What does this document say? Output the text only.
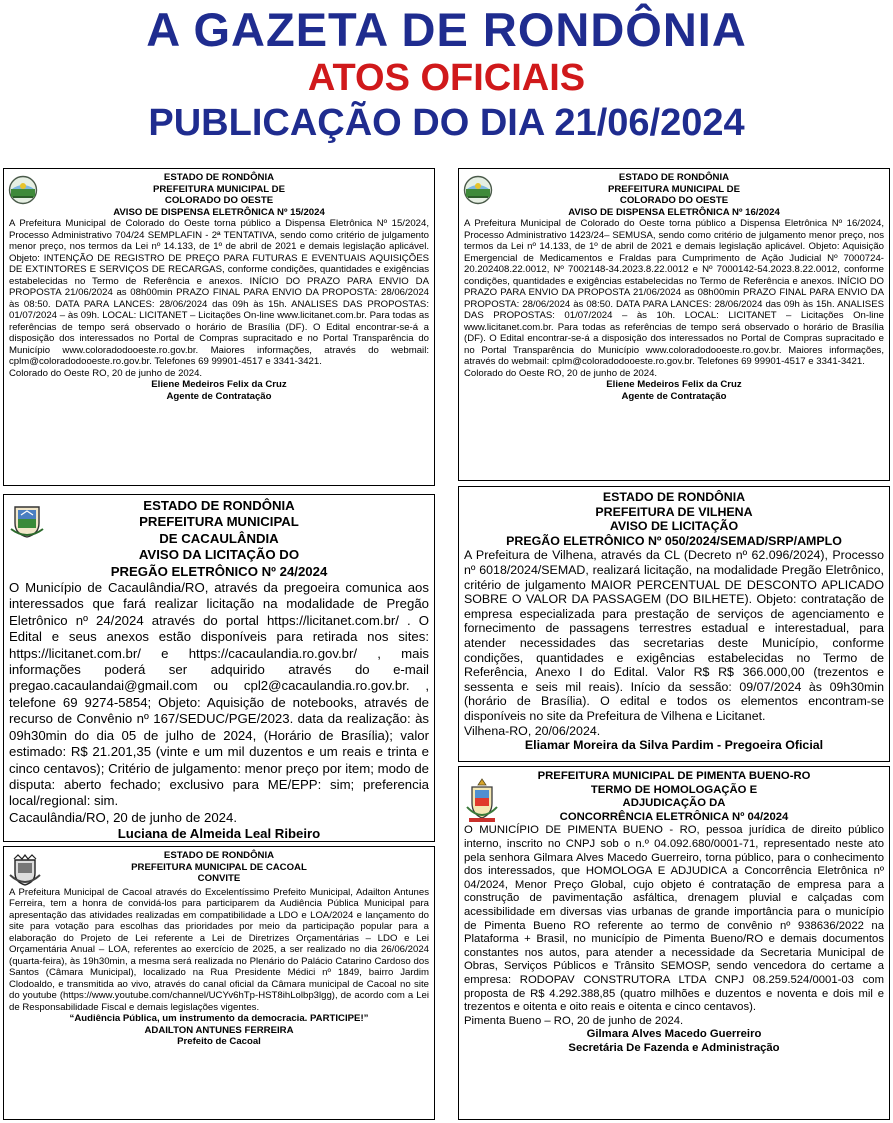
A GAZETA DE RONDÔNIA
ATOS OFICIAIS
PUBLICAÇÃO DO DIA 21/06/2024
ESTADO DE RONDÔNIA
PREFEITURA MUNICIPAL DE
COLORADO DO OESTE
AVISO DE DISPENSA ELETRÔNICA Nº 15/2024
A Prefeitura Municipal de Colorado do Oeste torna público a Dispensa Eletrônica Nº 15/2024, Processo Administrativo 704/24 SEMPLAFIN - 2ª TENTATIVA, sendo como critério de julgamento menor preço, nos termos da Lei nº 14.133, de 1º de abril de 2021 e demais legislação aplicável. Objeto: INTENÇÃO DE REGISTRO DE PREÇO PARA FUTURAS E EVENTUAIS AQUISIÇÕES DE EXTINTORES E SERVIÇOS DE RECARGAS, conforme condições, quantidades e exigências estabelecidas no Termo de Referência e anexos. INÍCIO DO PRAZO PARA ENVIO DA PROPOSTA 21/06/2024 as 08h00min PRAZO FINAL PARA ENVIO DA PROPOSTA: 28/06/2024 às 08:50. DATA PARA LANCES: 28/06/2024 das 09h às 15h. ANALISES DAS PROPOSTAS: 01/07/2024 – às 09h. LOCAL: LICITANET – Licitações On-line www.licitanet.com.br. Para todas as referências de tempo será observado o horário de Brasília (DF). O Edital encontrar-se-á a disposição dos interessados no Portal de Compras supracitado e no Portal Transparência do Município www.coloradodooeste.ro.gov.br. Maiores informações, através do webmail: cplm@coloradodooeste.ro.gov.br. Telefones 69 99901-4517 e 3341-3421.
Colorado do Oeste RO, 20 de junho de 2024.
Eliene Medeiros Felix da Cruz
Agente de Contratação
ESTADO DE RONDÔNIA
PREFEITURA MUNICIPAL
DE CACAULÂNDIA
AVISO DA LICITAÇÃO DO
PREGÃO ELETRÔNICO Nº 24/2024
O Município de Cacaulândia/RO, através da pregoeira comunica aos interessados que fará realizar licitação na modalidade de Pregão Eletrônico nº 24/2024 através do portal https://licitanet.com.br/ . O Edital e seus anexos estão disponíveis para retirada nos sites: https://licitanet.com.br/ e https://cacaulandia.ro.gov.br/ , mais informações poderá ser adquirido através do e-mail pregao.cacaulandai@gmail.com ou cpl2@cacaulandia.ro.gov.br. , telefone 69 9274-5854; Objeto: Aquisição de notebooks, através de recurso de Convênio nº 167/SEDUC/PGE/2023. data da realização: às 09h30min do dia 05 de julho de 2024, (Horário de Brasília); valor estimado: R$ 21.201,35 (vinte e um mil duzentos e um reais e trinta e cinco centavos); Critério de julgamento: menor preço por item; modo de disputa: aberto fechado; exclusivo para ME/EPP: sim; preferencia local/regional: sim.
Cacaulândia/RO, 20 de junho de 2024.
Luciana de Almeida Leal Ribeiro
ESTADO DE RONDÔNIA
PREFEITURA MUNICIPAL DE CACOAL
CONVITE
A Prefeitura Municipal de Cacoal através do Excelentíssimo Prefeito Municipal, Adailton Antunes Ferreira, tem a honra de convidá-los para participarem da Audiência Pública Municipal para apresentação das atividades realizadas em compatibilidade a LDO e LOA/2024 e lançamento do site para votação para escolhas das prioridades por meio da participação popular para a elaboração do Projeto de Lei referente a Lei de Diretrizes Orçamentárias – LDO e Lei Orçamentária Anual – LOA, referentes ao exercício de 2025, a ser realizado no dia 26/06/2024 (quarta-feira), às 19h30min, a mesma será realizada no Plenário do Palácio Catarino Cardoso dos Santos (Câmara Municipal), localizado na Rua Presidente Médici nº 1849, bairro Jardim Clodoaldo, e transmitida ao vivo, através do canal oficial da Câmara municipal de Cacoal no site do youtube (https://www.youtube.com/channel/UCYv6hTp-HST8ihLolbp3lgg), de acordo com a Lei de Responsabilidade Fiscal e demais legislações vigentes.
“Audiência Pública, um instrumento da democracia. PARTICIPE!”
ADAILTON ANTUNES FERREIRA
Prefeito de Cacoal
ESTADO DE RONDÔNIA
PREFEITURA MUNICIPAL DE
COLORADO DO OESTE
AVISO DE DISPENSA ELETRÔNICA Nº 16/2024
A Prefeitura Municipal de Colorado do Oeste torna público a Dispensa Eletrônica Nº 16/2024, Processo Administrativo 1423/24– SEMUSA, sendo como critério de julgamento menor preço, nos termos da Lei nº 14.133, de 1º de abril de 2021 e demais legislação aplicável. Objeto: Aquisição Emergencial de Medicamentos e Fraldas para Cumprimento de Ação Judicial Nº 7000724-20.202408.22.0012, Nº 7002148-34.2023.8.22.0012 e Nº 7000142-54.2023.8.22.0012, conforme condições, quantidades e exigências estabelecidas no Termo de Referência e anexos. INÍCIO DO PRAZO PARA ENVIO DA PROPOSTA 21/06/2024 as 08h00min PRAZO FINAL PARA ENVIO DA PROPOSTA: 28/06/2024 às 08:50. DATA PARA LANCES: 28/06/2024 das 09h às 15h. ANALISES DAS PROPOSTAS: 01/07/2024 – às 10h. LOCAL: LICITANET – Licitações On-line www.licitanet.com.br. Para todas as referências de tempo será observado o horário de Brasília (DF). O Edital encontrar-se-á a disposição dos interessados no Portal de Compras supracitado e no Portal Transparência do Município www.coloradodooeste.ro.gov.br. Maiores informações, através do webmail: cplm@coloradodooeste.ro.gov.br. Telefones 69 99901-4517 e 3341-3421.
Colorado do Oeste RO, 20 de junho de 2024.
Eliene Medeiros Felix da Cruz
Agente de Contratação
ESTADO DE RONDÔNIA
PREFEITURA DE VILHENA
AVISO DE LICITAÇÃO
PREGÃO ELETRÔNICO Nº 050/2024/SEMAD/SRP/AMPLO
A Prefeitura de Vilhena, através da CL (Decreto nº 62.096/2024), Processo nº 6018/2024/SEMAD, realizará licitação, na modalidade Pregão Eletrônico, critério de julgamento MAIOR PERCENTUAL DE DESCONTO APLICADO SOBRE O VALOR DA PASSAGEM (DO BILHETE). Objeto: contratação de empresa especializada para prestação de serviços de agenciamento e fornecimento de passagens terrestres estadual e interestadual, para atender necessidades das secretarias deste Município, conforme condições, quantidades e exigências estabelecidas no Termo de Referência, Anexo I do Edital. Valor R$ R$ 366.000,00 (trezentos e sessenta e seis mil reais). Início da sessão: 09/07/2024 às 09h30min (horário de Brasília). O edital e todos os elementos encontram-se disponíveis no site da Prefeitura de Vilhena e Licitanet.
Vilhena-RO, 20/06/2024.
Eliamar Moreira da Silva Pardim - Pregoeira Oficial
PREFEITURA MUNICIPAL DE PIMENTA BUENO-RO
TERMO DE HOMOLOGAÇÃO E
ADJUDICAÇÃO DA
CONCORRÊNCIA ELETRÔNICA Nº 04/2024
O MUNICÍPIO DE PIMENTA BUENO - RO, pessoa jurídica de direito público interno, inscrito no CNPJ sob o n.º 04.092.680/0001-71, representado neste ato pela senhora Gilmara Alves Macedo Guerreiro, torna público, para o conhecimento dos interessados, que HOMOLOGA E ADJUDICA a Concorrência Eletrônica nº 04/2024, Menor Preço Global, cujo objeto é contratação de empresa para a construção de pavimentação asfáltica, drenagem pluvial e calçadas com acessibilidade em diversas vias urbanas de grande importância para o município de Pimenta Bueno RO referente ao termo de convênio nº 938636/2022 na Plataforma + Brasil, no município de Pimenta Bueno/RO e demais documentos constantes nos autos, para atender a necessidade da Secretaria Municipal de Obras, Serviços Públicos e Trânsito SEMOSP, sendo vencedora do certame a empresa: RODOPAV CONSTRUTORA LTDA CNPJ 08.259.524/0001-03 com proposta de R$ 4.292.388,85 (quatro milhões e duzentos e noventa e dois mil e trezentos e oitenta e oito reais e oitenta e cinco centavos).
Pimenta Bueno – RO, 20 de junho de 2024.
Gilmara Alves Macedo Guerreiro
Secretária De Fazenda e Administração
